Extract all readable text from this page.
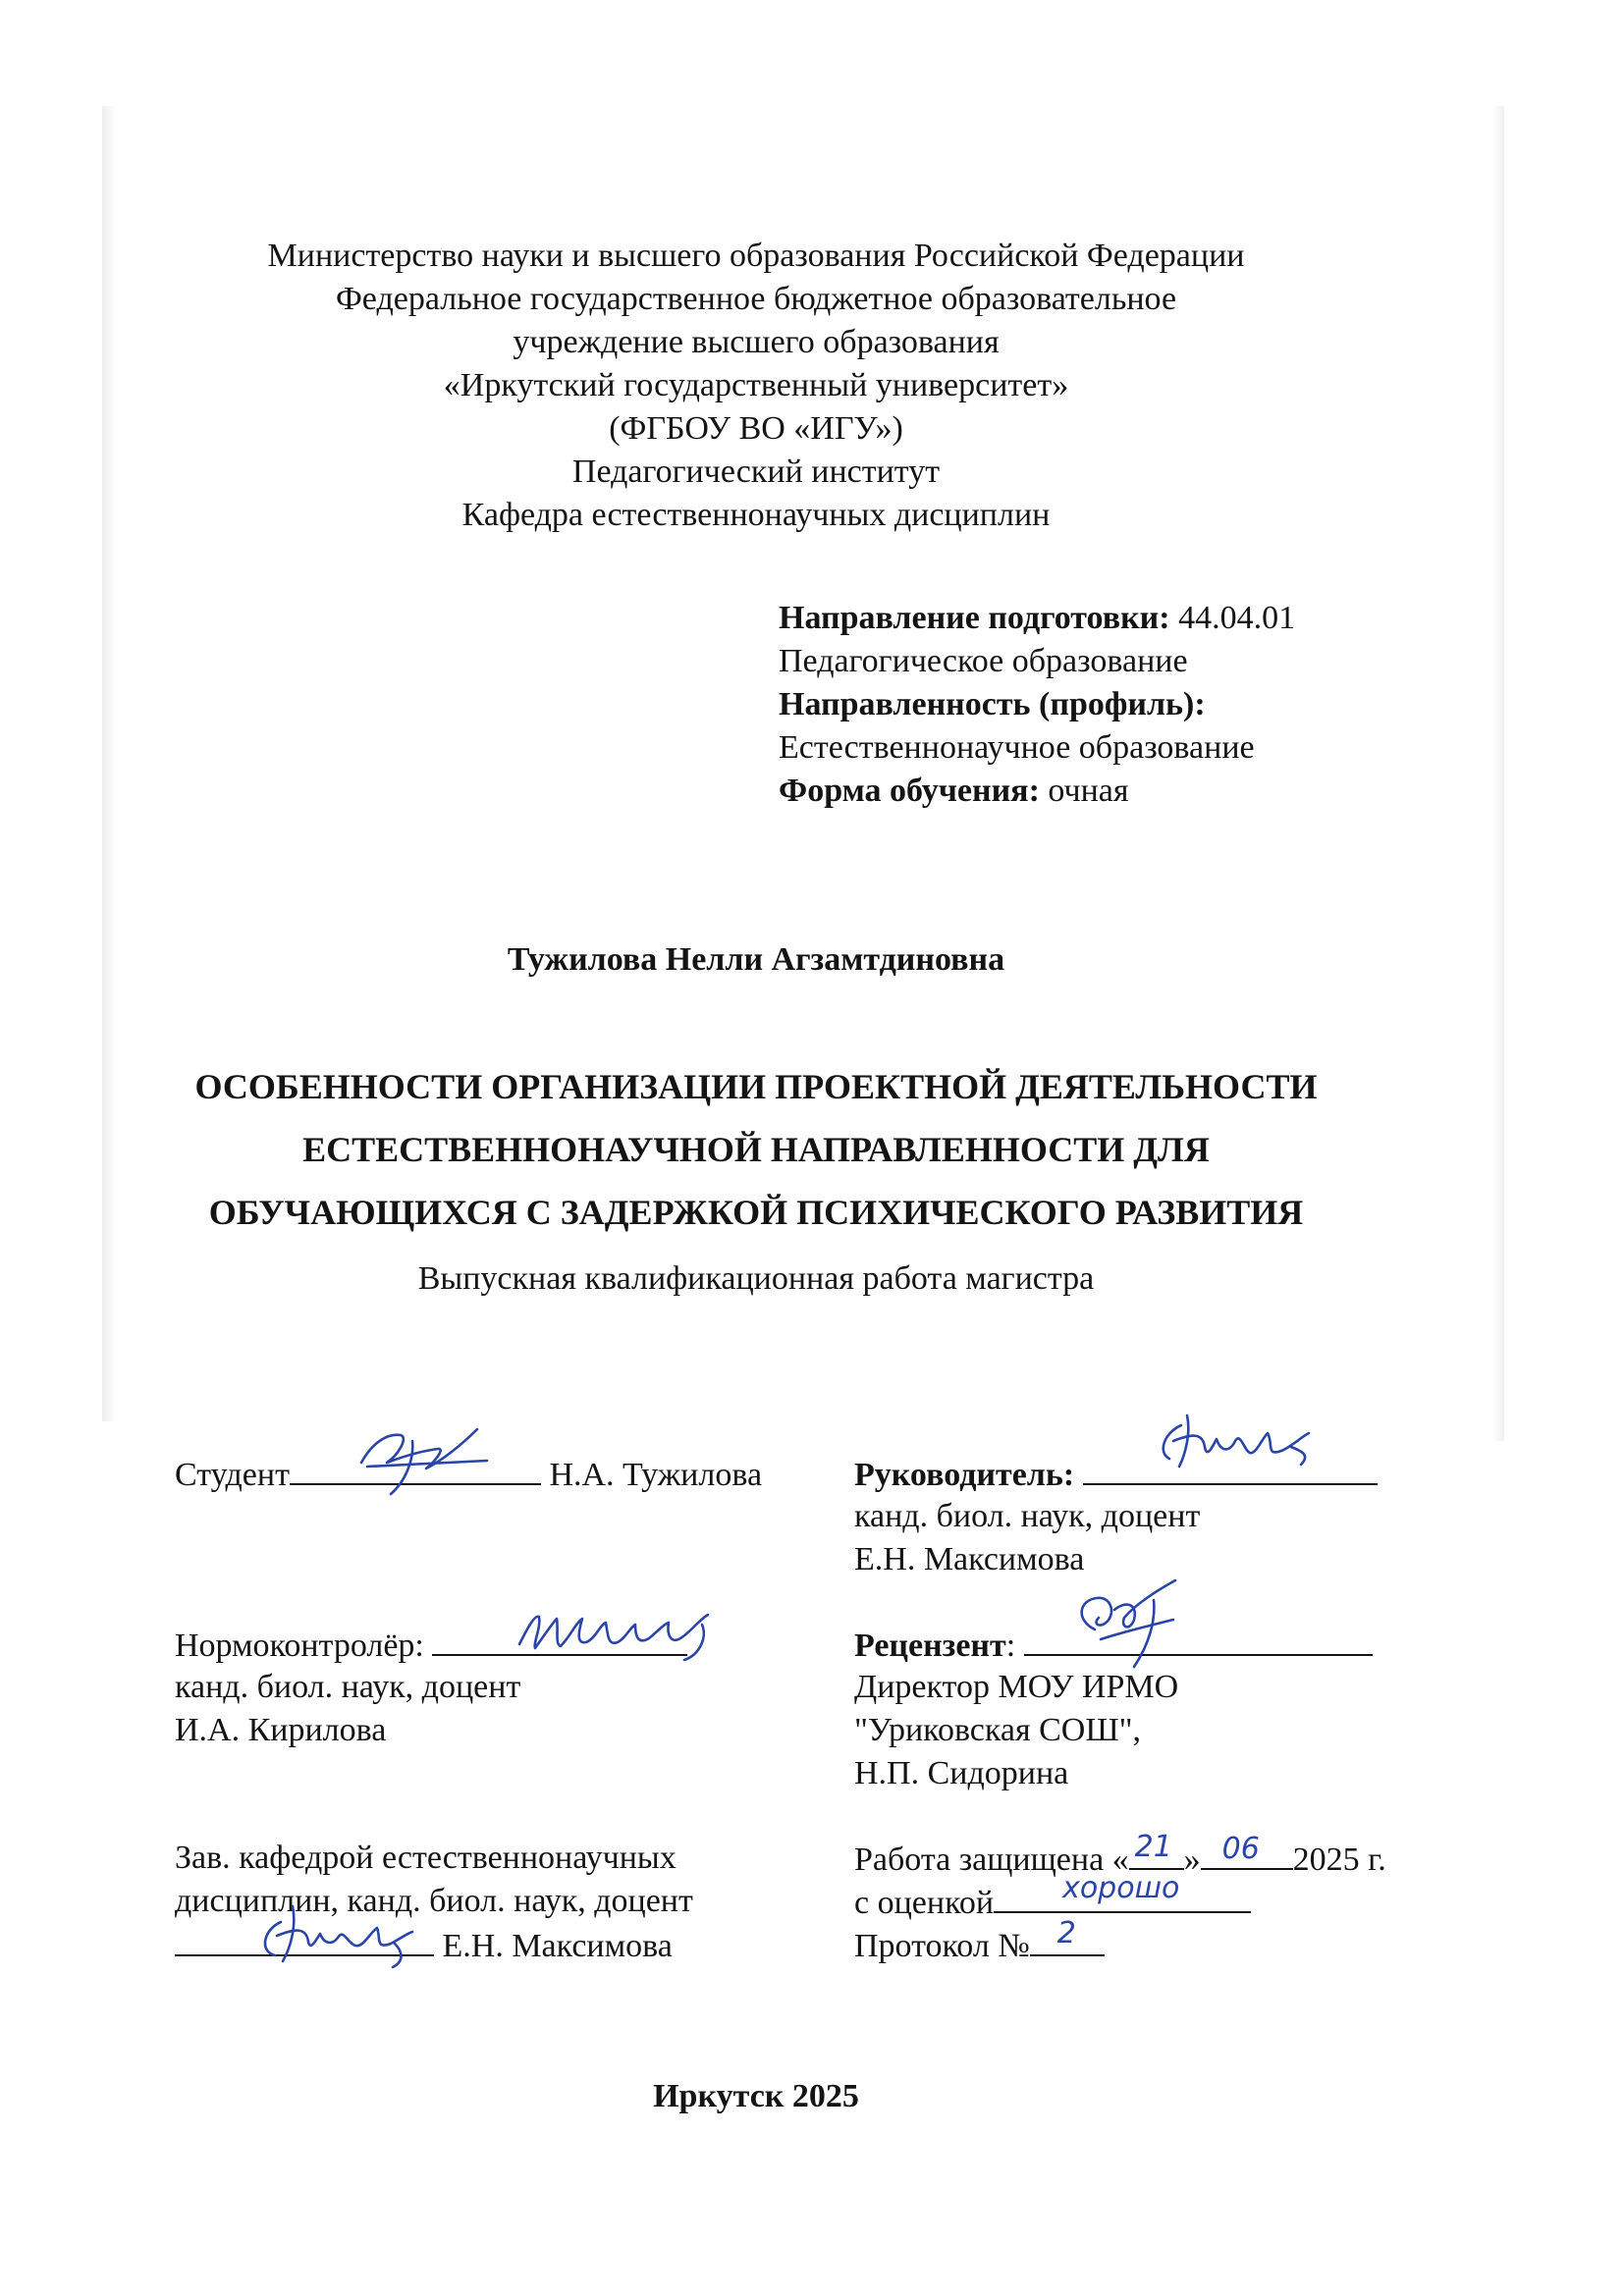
Министерство науки и высшего образования Российской Федерации
Федеральное государственное бюджетное образовательное
учреждение высшего образования
«Иркутский государственный университет»
(ФГБОУ ВО «ИГУ»)
Педагогический институт
Кафедра естественнонаучных дисциплин
Направление подготовки: 44.04.01
Педагогическое образование
Направленность (профиль):
Естественнонаучное образование
Форма обучения: очная
Тужилова Нелли Агзамтдиновна
ОСОБЕННОСТИ ОРГАНИЗАЦИИ ПРОЕКТНОЙ ДЕЯТЕЛЬНОСТИ
ЕСТЕСТВЕННОНАУЧНОЙ НАПРАВЛЕННОСТИ ДЛЯ
ОБУЧАЮЩИХСЯ С ЗАДЕРЖКОЙ ПСИХИЧЕСКОГО РАЗВИТИЯ
Выпускная квалификационная работа магистра
Студент	Н.А. Тужилова	Руководитель:
канд. биол. наук, доцент
Е.Н. Максимова
Нормоконтролёр:
канд. биол. наук, доцент
И.А. Кирилова
Рецензент:
Директор МОУ ИРМО
"Уриковская СОШ",
Н.П. Сидорина
Зав. кафедрой естественнонаучных
дисциплин, канд. биол. наук, доцент
Е.Н. Максимова
Работа защищена « 21 » 06 2025 г.
с оценкой хорошо
Протокол № 2
Иркутск 2025
